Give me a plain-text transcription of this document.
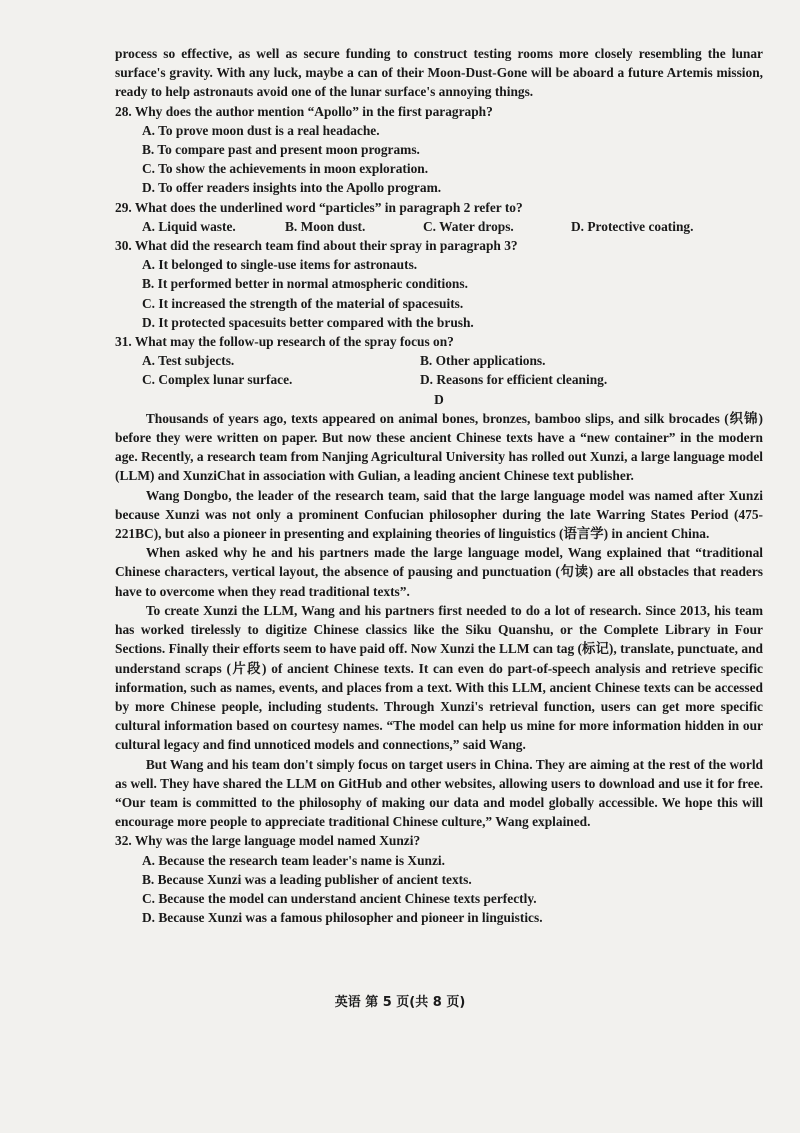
process so effective, as well as secure funding to construct testing rooms more closely resembling the lunar surface's gravity. With any luck, maybe a can of their Moon-Dust-Gone will be aboard a future Artemis mission, ready to help astronauts avoid one of the lunar surface's annoying things.

28. Why does the author mention “Apollo” in the first paragraph?

A. To prove moon dust is a real headache.

B. To compare past and present moon programs.

C. To show the achievements in moon exploration.

D. To offer readers insights into the Apollo program.

29. What does the underlined word “particles” in paragraph 2 refer to?

A. Liquid waste.	B. Moon dust.	C. Water drops.	D. Protective coating.

30. What did the research team find about their spray in paragraph 3?

A. It belonged to single-use items for astronauts.

B. It performed better in normal atmospheric conditions.

C. It increased the strength of the material of spacesuits.

D. It protected spacesuits better compared with the brush.

31. What may the follow-up research of the spray focus on?

A. Test subjects.	B. Other applications.
C. Complex lunar surface.	D. Reasons for efficient cleaning.

D

Thousands of years ago, texts appeared on animal bones, bronzes, bamboo slips, and silk brocades (织锦) before they were written on paper. But now these ancient Chinese texts have a “new container” in the modern age. Recently, a research team from Nanjing Agricultural University has rolled out Xunzi, a large language model (LLM) and XunziChat in association with Gulian, a leading ancient Chinese text publisher.

Wang Dongbo, the leader of the research team, said that the large language model was named after Xunzi because Xunzi was not only a prominent Confucian philosopher during the late Warring States Period (475-221BC), but also a pioneer in presenting and explaining theories of linguistics (语言学) in ancient China.

When asked why he and his partners made the large language model, Wang explained that “traditional Chinese characters, vertical layout, the absence of pausing and punctuation (句读) are all obstacles that readers have to overcome when they read traditional texts”.

To create Xunzi the LLM, Wang and his partners first needed to do a lot of research. Since 2013, his team has worked tirelessly to digitize Chinese classics like the Siku Quanshu, or the Complete Library in Four Sections. Finally their efforts seem to have paid off. Now Xunzi the LLM can tag (标记), translate, punctuate, and understand scraps (片段) of ancient Chinese texts. It can even do part-of-speech analysis and retrieve specific information, such as names, events, and places from a text. With this LLM, ancient Chinese texts can be accessed by more Chinese people, including students. Through Xunzi's retrieval function, users can get more specific cultural information based on courtesy names. “The model can help us mine for more information hidden in our cultural legacy and find unnoticed models and connections,” said Wang.

But Wang and his team don't simply focus on target users in China. They are aiming at the rest of the world as well. They have shared the LLM on GitHub and other websites, allowing users to download and use it for free. “Our team is committed to the philosophy of making our data and model globally accessible. We hope this will encourage more people to appreciate traditional Chinese culture,” Wang explained.

32. Why was the large language model named Xunzi?

A. Because the research team leader's name is Xunzi.

B. Because Xunzi was a leading publisher of ancient texts.

C. Because the model can understand ancient Chinese texts perfectly.

D. Because Xunzi was a famous philosopher and pioneer in linguistics.

英语 第 5 页(共 8 页)
